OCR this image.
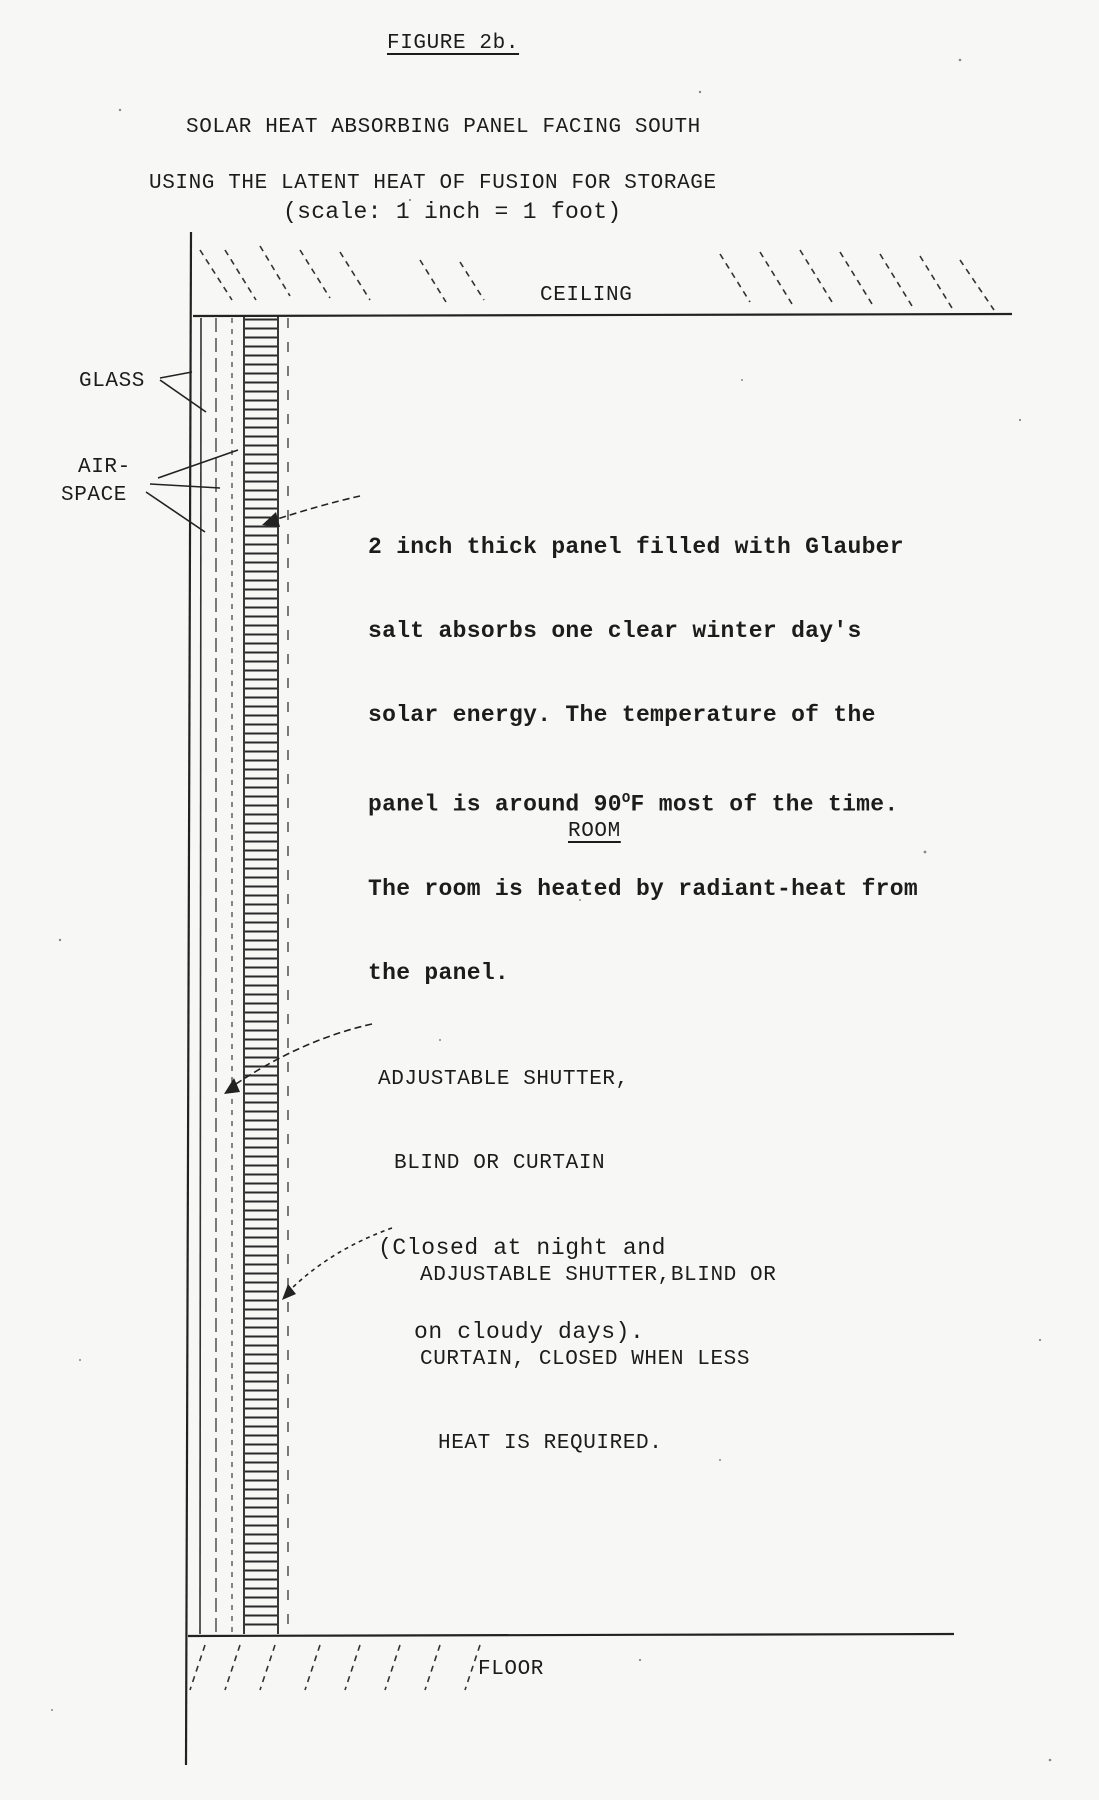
FIGURE 2b.
SOLAR HEAT ABSORBING PANEL FACING SOUTH
USING THE LATENT HEAT OF FUSION FOR STORAGE
(scale: 1 inch = 1 foot)
CEILING
FLOOR
ROOM
GLASS
AIR-
SPACE

2 inch thick panel filled with Glauber

salt absorbs one clear winter day's

solar energy. The temperature of the

panel is around $90^OF$ most of the time.

The room is heated by radiant-heat from

the panel.

ADJUSTABLE SHUTTER,

BLIND OR CURTAIN

(Closed at night and

on cloudy days).

ADJUSTABLE SHUTTER,BLIND OR

CURTAIN, CLOSED WHEN LESS

HEAT IS REQUIRED.
